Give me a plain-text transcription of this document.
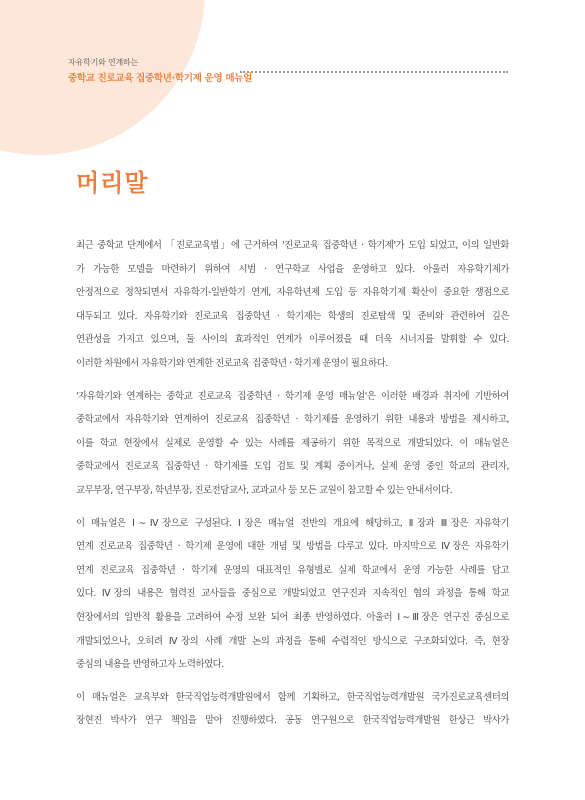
자유학기와 연계하는
중학교 진로교육 집중학년·학기제 운영 매뉴얼
머리말
최근 중학교 단계에서 「진로교육법」에 근거하여 '진로교육 집중학년 · 학기제'가 도입 되었고, 이의 일반화
가 가능한 모델을 마련하기 위하여 시범 · 연구학교 사업을 운영하고 있다. 아울러 자유학기제가
안정적으로 정착되면서 자유학기-일반학기 연계, 자유학년제 도입 등 자유학기제 확산이 중요한 쟁점으로
대두되고 있다. 자유학기와 진로교육 집중학년 · 학기제는 학생의 진로탐색 및 준비와 관련하여 깊은
연관성을 가지고 있으며, 둘 사이의 효과적인 연계가 이루어졌을 때 더욱 시너지를 발휘할 수 있다.
이러한 차원에서 자유학기와 연계한 진로교육 집중학년 · 학기제 운영이 필요하다.
'자유학기와 연계하는 중학교 진로교육 집중학년 · 학기제 운영 매뉴얼'은 이러한 배경과 취지에 기반하여
중학교에서 자유학기와 연계하여 진로교육 집중학년 · 학기제를 운영하기 위한 내용과 방법을 제시하고,
이를 학교 현장에서 실제로 운영할 수 있는 사례를 제공하기 위한 목적으로 개발되었다. 이 매뉴얼은
중학교에서 진로교육 집중학년 · 학기제를 도입 검토 및 계획 중이거나, 실제 운영 중인 학교의 관리자,
교무부장, 연구부장, 학년부장, 진로전담교사, 교과교사 등 모든 교원이 참고할 수 있는 안내서이다.
이 매뉴얼은 Ⅰ∼Ⅳ장으로 구성된다. Ⅰ장은 매뉴얼 전반의 개요에 해당하고, Ⅱ장과 Ⅲ장은 자유학기
연계 진로교육 집중학년 · 학기제 운영에 대한 개념 및 방법을 다루고 있다. 마지막으로 Ⅳ장은 자유학기
연계 진로교육 집중학년 · 학기제 운영의 대표적인 유형별로 실제 학교에서 운영 가능한 사례를 담고
있다. Ⅳ장의 내용은 협력진 교사들을 중심으로 개발되었고 연구진과 지속적인 협의 과정을 통해 학교
현장에서의 일반적 활용을 고려하여 수정 보완 되어 최종 반영하였다. 아울러 Ⅰ∼Ⅲ장은 연구진 중심으로
개발되었으나, 오히려 Ⅳ장의 사례 개발 논의 과정을 통해 수렴적인 방식으로 구조화되었다. 즉, 현장
중심의 내용을 반영하고자 노력하였다.
이 매뉴얼은 교육부와 한국직업능력개발원에서 함께 기획하고, 한국직업능력개발원 국가진로교육센터의
장현진 박사가 연구 책임을 맡아 진행하였다. 공동 연구원으로 한국직업능력개발원 한상근 박사가
